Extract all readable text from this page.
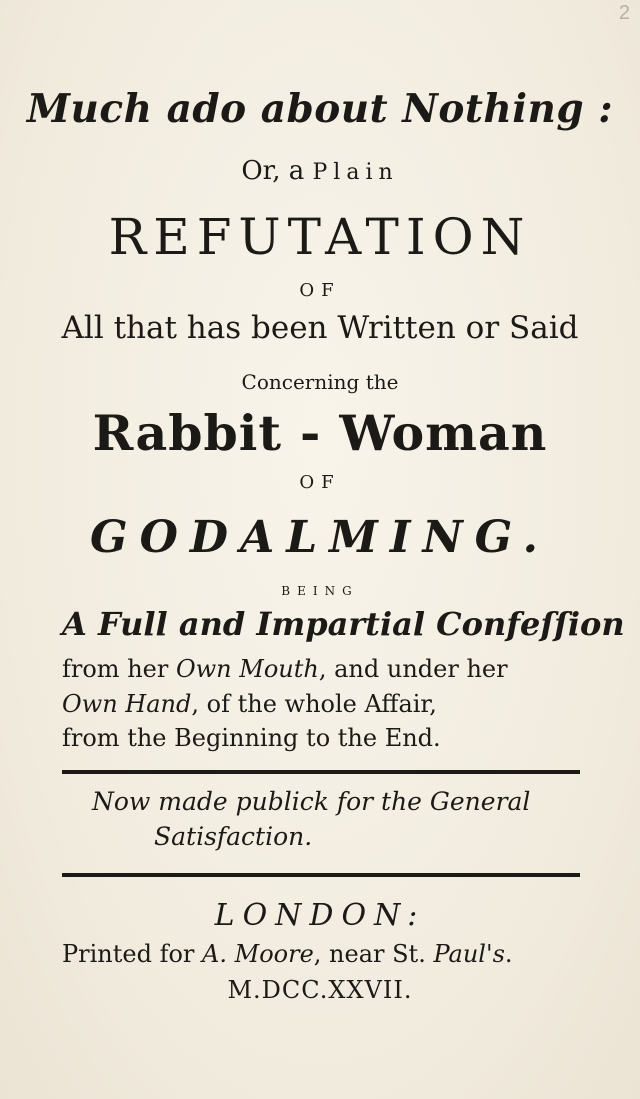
2
Much ado about Nothing :
Or, a Plain
REFUTATION
OF
All that has been Written or Said
Concerning the
Rabbit - Woman
OF
GODALMING.
BEING
A Full and Impartial Confeſſion
from her Own Mouth, and under her
Own Hand, of the whole Affair,
from the Beginning to the End.
Now made publick for the General
Satisfaction.
LONDON:
Printed for A. Moore, near St. Paul's.
M.DCC.XXVII.
